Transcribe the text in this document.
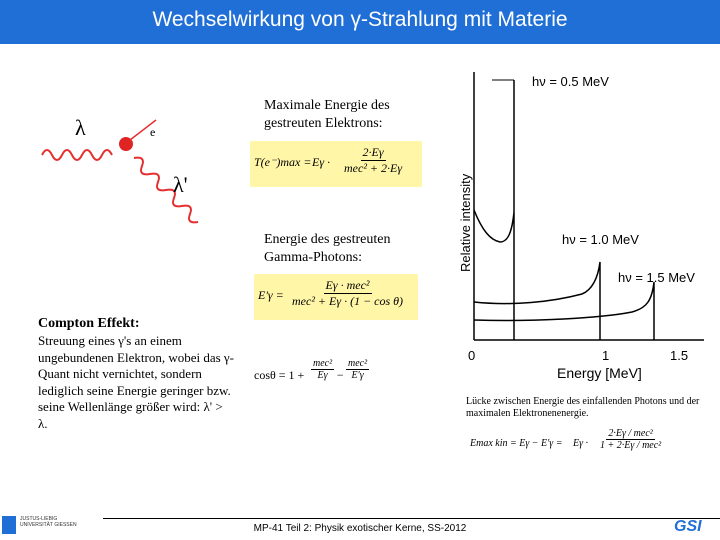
Wechselwirkung von γ-Strahlung mit Materie
λ	e
λ'
Maximale Energie des gestreuten Elektrons:
T(e⁻)max = Eγ ·
2·Eγ
mec² + 2·Eγ
Energie des gestreuten Gamma-Photons:
E'γ =
Eγ · mec²
mec² + Eγ · (1 − cos θ)
Compton Effekt:
Streuung eines γ's an einem ungebundenen Elektron, wobei das γ-Quant nicht vernichtet, sondern lediglich seine Energie geringer bzw. seine Wellenlänge größer wird: λ' > λ.
cosθ = 1 +
mec²
Eγ −
mec²
E'γ
Relative intensity
Energy [MeV]
0	1	1.5
hν = 0.5 MeV
hν = 1.0 MeV
hν = 1.5 MeV
Lücke zwischen Energie des einfallenden Photons und der maximalen Elektronenenergie.
Emax kin = Eγ − E'γ = Eγ ·
2·Eγ / mec²
1 + 2·Eγ / mec²
JUSTUS-LIEBIG UNIVERSITÄT GIESSEN	MP-41 Teil 2: Physik exotischer Kerne, SS-2012	GSI
